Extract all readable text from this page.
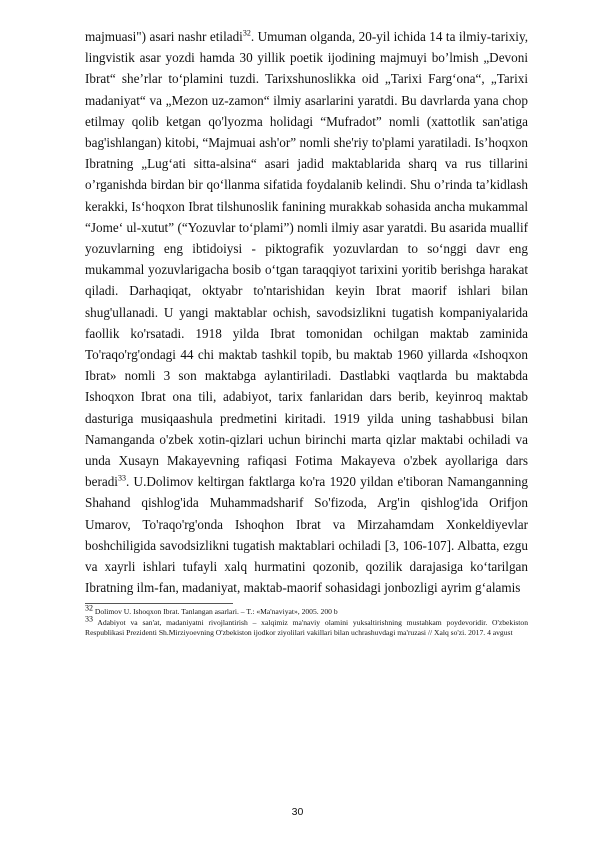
majmuasi") asari nashr etiladi$^{32}$. Umuman olganda, 20-yil ichida 14 ta ilmiy-tarixiy, lingvistik asar yozdi hamda 30 yillik poetik ijodining majmuyi bo’lmish „Devoni Ibrat“ she’rlar to‘plamini tuzdi. Tarixshunoslikka oid „Tarixi Farg‘ona“, „Tarixi madaniyat“ va „Mezon uz-zamon“ ilmiy asarlarini yaratdi. Bu davrlarda yana chop etilmay qolib ketgan qo'lyozma holidagi “Mufradot” nomli (xattotlik san'atiga bag'ishlangan) kitobi, “Majmuai ash'or” nomli she'riy to'plami yaratiladi. Is’hoqxon Ibratning „Lug‘ati sitta-alsina“ asari jadid maktablarida sharq va rus tillarini o’rganishda birdan bir qo‘llanma sifatida foydalanib kelindi. Shu o’rinda ta’kidlash kerakki, Is‘hoqxon Ibrat tilshunoslik fanining murakkab sohasida ancha mukammal “Jome‘ ul-xutut” (“Yozuvlar to‘plami”) nomli ilmiy asar yaratdi. Bu asarida muallif yozuvlarning eng ibtidoiysi - piktografik yozuvlardan to so‘nggi davr eng mukammal yozuvlarigacha bosib o‘tgan taraqqiyot tarixini yoritib berishga harakat qiladi. Darhaqiqat, oktyabr to'ntarishidan keyin Ibrat maorif ishlari bilan shug'ullanadi. U yangi maktablar ochish, savodsizlikni tugatish kompaniyalarida faollik ko'rsatadi. 1918 yilda Ibrat tomonidan ochilgan maktab zaminida To'raqo'rg'ondagi 44 chi maktab tashkil topib, bu maktab 1960 yillarda «Ishoqxon Ibrat» nomli 3 son maktabga aylantiriladi. Dastlabki vaqtlarda bu maktabda Ishoqxon Ibrat ona tili, adabiyot, tarix fanlaridan dars berib, keyinroq maktab dasturiga musiqaashula predmetini kiritadi. 1919 yilda uning tashabbusi bilan Namanganda o'zbek xotin-qizlari uchun birinchi marta qizlar maktabi ochiladi va unda Xusayn Makayevning rafiqasi Fotima Makayeva o'zbek ayollariga dars beradi$^{33}$. U.Dolimov keltirgan faktlarga ko'ra 1920 yildan e'tiboran Namanganning Shahand qishlog'ida Muhammadsharif So'fizoda, Arg'in qishlog'ida Orifjon Umarov, To'raqo'rg'onda Ishoqhon Ibrat va Mirzahamdam Xonkeldiyevlar boshchiligida savodsizlikni tugatish maktablari ochiladi [3, 106-107]. Albatta, ezgu va xayrli ishlari tufayli xalq hurmatini qozonib, qozilik darajasiga ko‘tarilgan Ibratning ilm-fan, madaniyat, maktab-maorif sohasidagi jonbozligi ayrim g‘alamis

$^{32}$ Dolimov U. Ishoqxon Ibrat. Tanlangan asarlari. – T.: «Ma'naviyat», 2005. 200 b

$^{33}$ Adabiyot va san'at, madaniyatni rivojlantirish – xalqimiz ma'naviy olamini yuksaltirishning mustahkam poydevoridir. O'zbekiston Respublikasi Prezidenti Sh.Mirziyoevning O'zbekiston ijodkor ziyolilari vakillari bilan uchrashuvdagi ma'ruzasi // Xalq so'zi. 2017. 4 avgust

30
